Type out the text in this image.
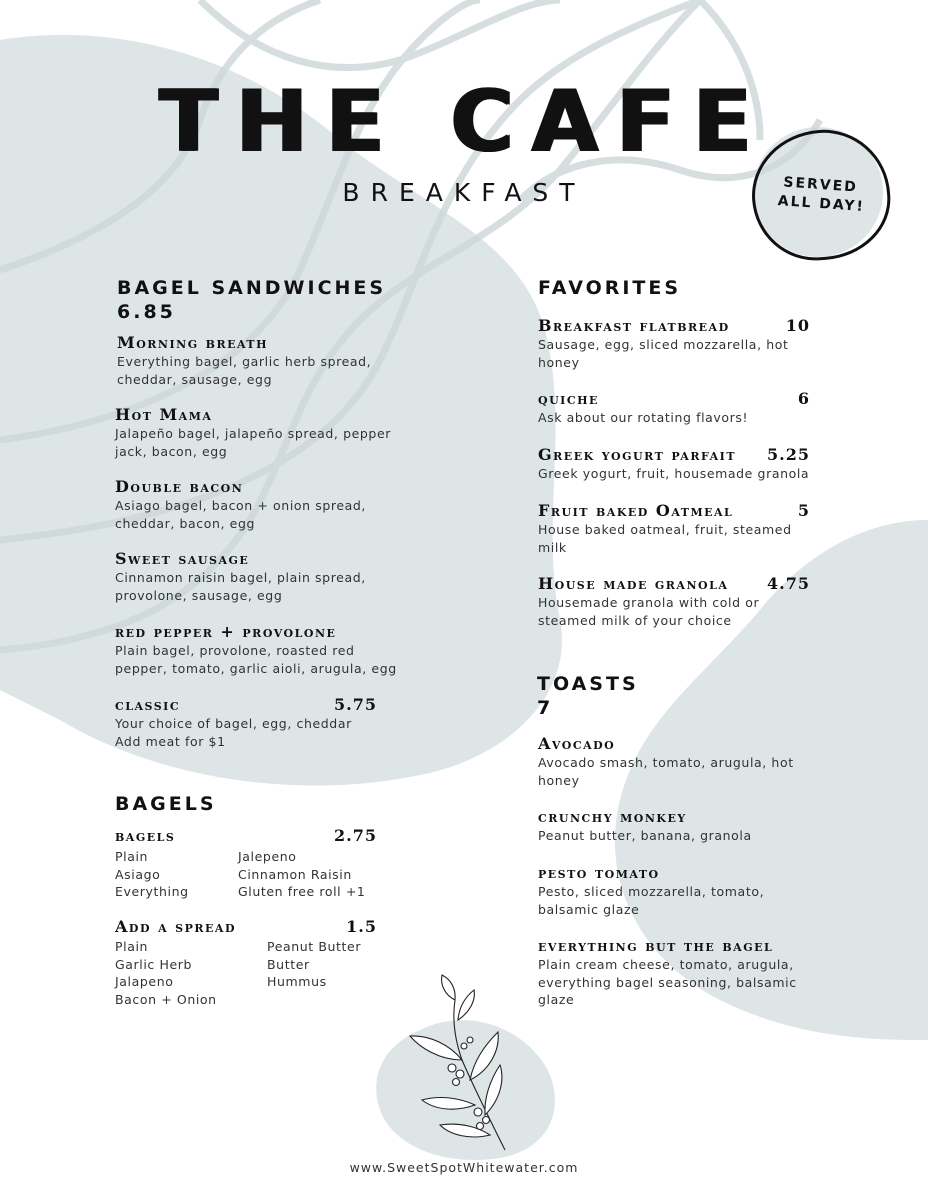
THE CAFE
BREAKFAST	SERVED
ALL DAY!
BAGEL SANDWICHES
6.85
Morning breath
Everything bagel, garlic herb spread,
cheddar, sausage, egg
Hot Mama
Jalapeño bagel, jalapeño spread, pepper
jack, bacon, egg
Double bacon
Asiago bagel, bacon + onion spread,
cheddar, bacon, egg
Sweet sausage
Cinnamon raisin bagel, plain spread,
provolone, sausage, egg
red pepper + provolone
Plain bagel, provolone, roasted red
pepper, tomato, garlic aioli, arugula, egg
classic	5.75
Your choice of bagel, egg, cheddar
Add meat for $1
BAGELS
bagels	2.75
Plain
Asiago
Everything
Jalepeno
Cinnamon Raisin
Gluten free roll +1
Add a spread	1.5
Plain
Garlic Herb
Jalapeno
Bacon + Onion
Peanut Butter
Butter
Hummus
FAVORITES
Breakfast flatbread	10
Sausage, egg, sliced mozzarella, hot
honey
quiche	6
Ask about our rotating flavors!
Greek yogurt parfait 5.25
Greek yogurt, fruit, housemade granola
Fruit baked Oatmeal	5
House baked oatmeal, fruit, steamed
milk
House made granola 4.75
Housemade granola with cold or
steamed milk of your choice
TOASTS
7
Avocado
Avocado smash, tomato, arugula, hot
honey
crunchy monkey
Peanut butter, banana, granola
pesto tomato
Pesto, sliced mozzarella, tomato,
balsamic glaze
everything but the bagel
Plain cream cheese, tomato, arugula,
everything bagel seasoning, balsamic
glaze
www.SweetSpotWhitewater.com
